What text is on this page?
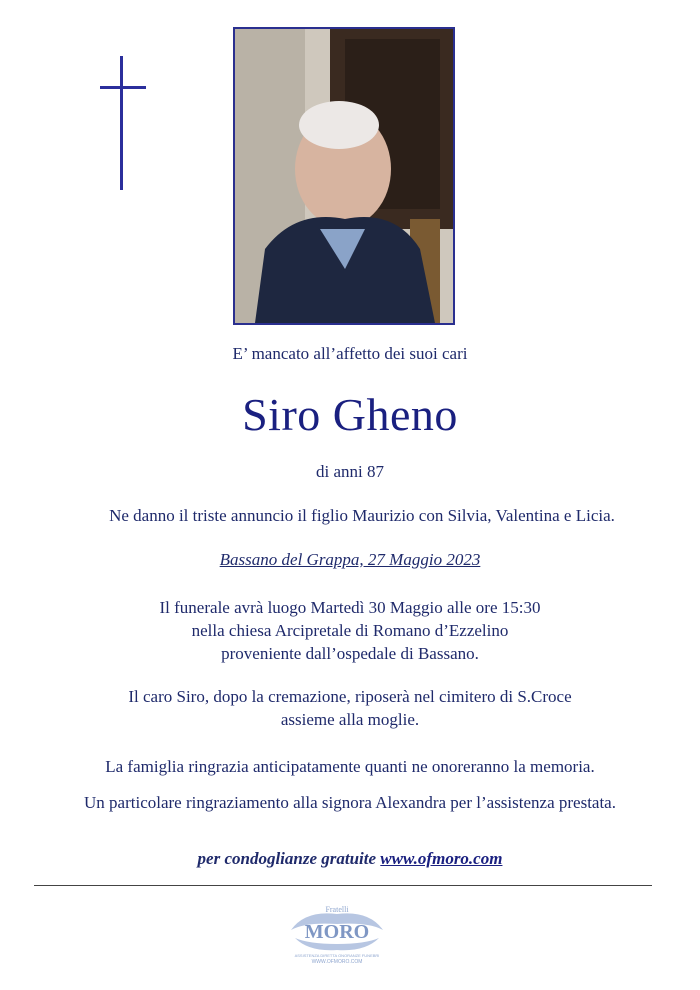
E’ mancato all’affetto dei suoi cari
Siro Gheno
di anni 87
Ne danno il triste annuncio il figlio Maurizio con Silvia, Valentina e Licia.
Bassano del Grappa, 27 Maggio 2023
Il funerale avrà luogo Martedì 30 Maggio alle ore 15:30
nella chiesa Arcipretale di Romano d’Ezzelino
proveniente dall’ospedale di Bassano.
Il caro Siro, dopo la cremazione, riposerà nel cimitero di S.Croce
assieme alla moglie.
La famiglia ringrazia anticipatamente quanti ne onoreranno la memoria.
Un particolare ringraziamento alla signora Alexandra per l’assistenza prestata.
per condoglianze gratuite www.ofmoro.com
Fratelli
MORO
ASSISTENZA DIRETTA ONORANZE FUNEBRI
WWW.OFMORO.COM
